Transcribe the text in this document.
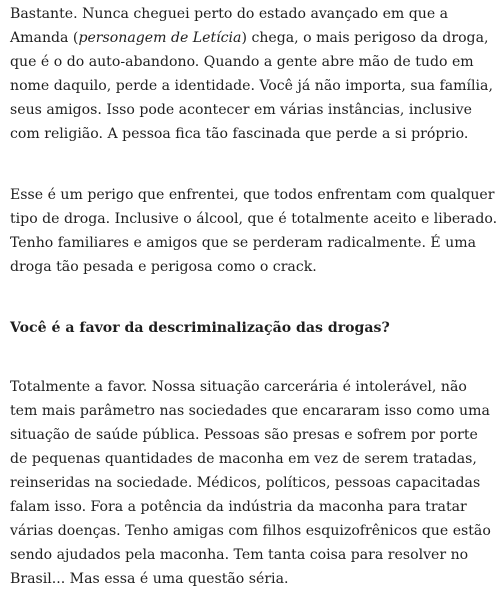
Bastante. Nunca cheguei perto do estado avançado em que a Amanda (personagem de Letícia) chega, o mais perigoso da droga, que é o do auto-abandono. Quando a gente abre mão de tudo em nome daquilo, perde a identidade. Você já não importa, sua família, seus amigos. Isso pode acontecer em várias instâncias, inclusive com religião. A pessoa fica tão fascinada que perde a si próprio.

Esse é um perigo que enfrentei, que todos enfrentam com qualquer tipo de droga. Inclusive o álcool, que é totalmente aceito e liberado. Tenho familiares e amigos que se perderam radicalmente. É uma droga tão pesada e perigosa como o crack.

Você é a favor da descriminalização das drogas?

Totalmente a favor. Nossa situação carcerária é intolerável, não tem mais parâmetro nas sociedades que encararam isso como uma situação de saúde pública. Pessoas são presas e sofrem por porte de pequenas quantidades de maconha em vez de serem tratadas, reinseridas na sociedade. Médicos, políticos, pessoas capacitadas falam isso. Fora a potência da indústria da maconha para tratar várias doenças. Tenho amigas com filhos esquizofrênicos que estão sendo ajudados pela maconha. Tem tanta coisa para resolver no Brasil... Mas essa é uma questão séria.
